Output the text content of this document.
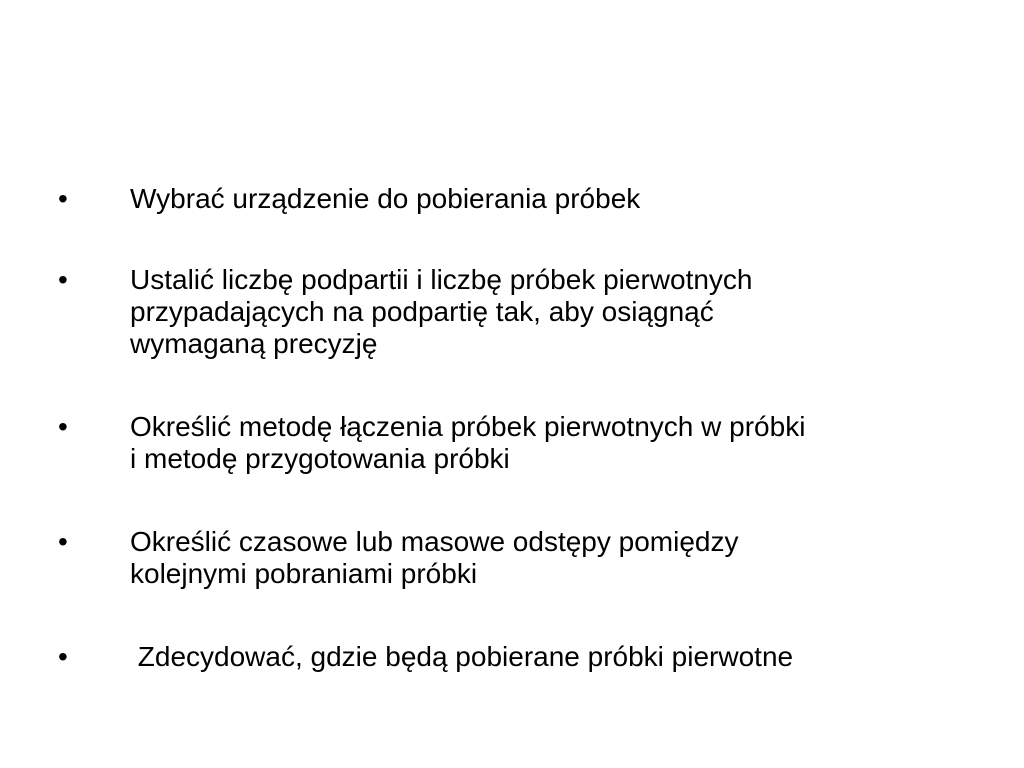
• Wybrać urządzenie do pobierania próbek
• Ustalić liczbę podpartii i liczbę próbek pierwotnych
przypadających na podpartię tak, aby osiągnąć
wymaganą precyzję
• Określić metodę łączenia próbek pierwotnych w próbki
i metodę przygotowania próbki
• Określić czasowe lub masowe odstępy pomiędzy
kolejnymi pobraniami próbki
• Zdecydować, gdzie będą pobierane próbki pierwotne
